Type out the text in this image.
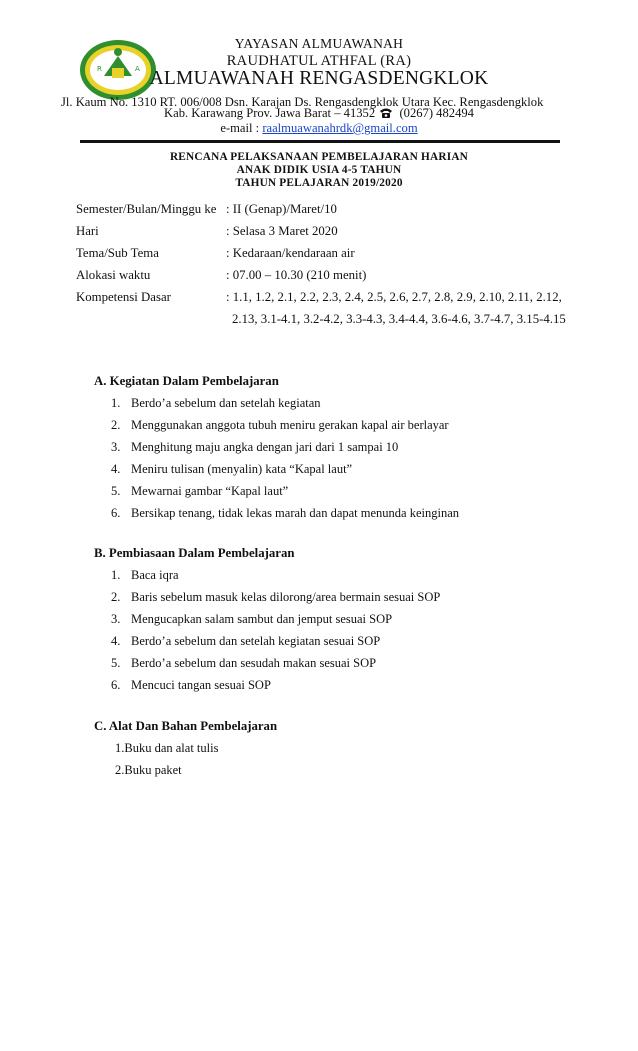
R	A
YAYASAN ALMUAWANAH
RAUDHATUL ATHFAL (RA)
ALMUAWANAH RENGASDENGKLOK
Jl. Kaum No. 1310 RT. 006/008 Dsn. Karajan Ds. Rengasdengklok Utara Kec. Rengasdengklok
Kab. Karawang Prov. Jawa Barat – 41352 (0267) 482494
e-mail : raalmuawanahrdk@gmail.com
RENCANA PELAKSANAAN PEMBELAJARAN HARIAN
ANAK DIDIK USIA 4-5 TAHUN
TAHUN PELAJARAN 2019/2020
Semester/Bulan/Minggu ke : II (Genap)/Maret/10
Hari	: Selasa 3 Maret 2020
Tema/Sub Tema	: Kedaraan/kendaraan air
Alokasi waktu	: 07.00 – 10.30 (210 menit)
Kompetensi Dasar	: 1.1, 1.2, 2.1, 2.2, 2.3, 2.4, 2.5, 2.6, 2.7, 2.8, 2.9, 2.10, 2.11, 2.12,
2.13, 3.1-4.1, 3.2-4.2, 3.3-4.3, 3.4-4.4, 3.6-4.6, 3.7-4.7, 3.15-4.15
A. Kegiatan Dalam Pembelajaran
1. Berdo’a sebelum dan setelah kegiatan
2. Menggunakan anggota tubuh meniru gerakan kapal air berlayar
3. Menghitung maju angka dengan jari dari 1 sampai 10
4. Meniru tulisan (menyalin) kata “Kapal laut”
5. Mewarnai gambar “Kapal laut”
6. Bersikap tenang, tidak lekas marah dan dapat menunda keinginan
B. Pembiasaan Dalam Pembelajaran
1. Baca iqra
2. Baris sebelum masuk kelas dilorong/area bermain sesuai SOP
3. Mengucapkan salam sambut dan jemput sesuai SOP
4. Berdo’a sebelum dan setelah kegiatan sesuai SOP
5. Berdo’a sebelum dan sesudah makan sesuai SOP
6. Mencuci tangan sesuai SOP
C. Alat Dan Bahan Pembelajaran
1.Buku dan alat tulis
2.Buku paket
